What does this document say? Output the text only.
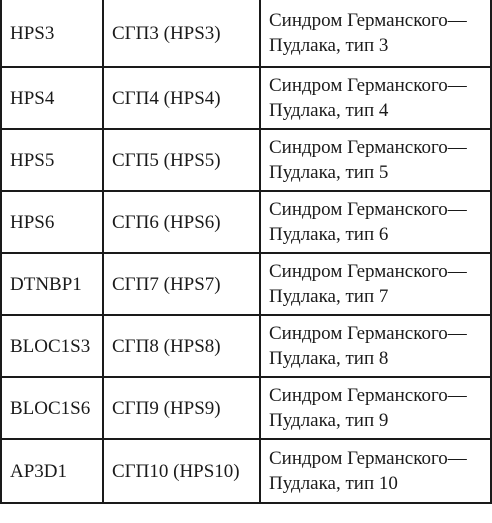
HPS3	СГП3 (HPS3)	Синдром Германского—
Пудлака, тип 3

HPS4	СГП4 (HPS4)	Синдром Германского—
Пудлака, тип 4

HPS5	СГП5 (HPS5)	Синдром Германского—
Пудлака, тип 5

HPS6	СГП6 (HPS6)	Синдром Германского—
Пудлака, тип 6

DTNBP1	СГП7 (HPS7)	Синдром Германского—
Пудлака, тип 7

BLOC1S3	СГП8 (HPS8)	Синдром Германского—
Пудлака, тип 8

BLOC1S6	СГП9 (HPS9)	Синдром Германского—
Пудлака, тип 9

AP3D1	СГП10 (HPS10)	Синдром Германского—
Пудлака, тип 10
